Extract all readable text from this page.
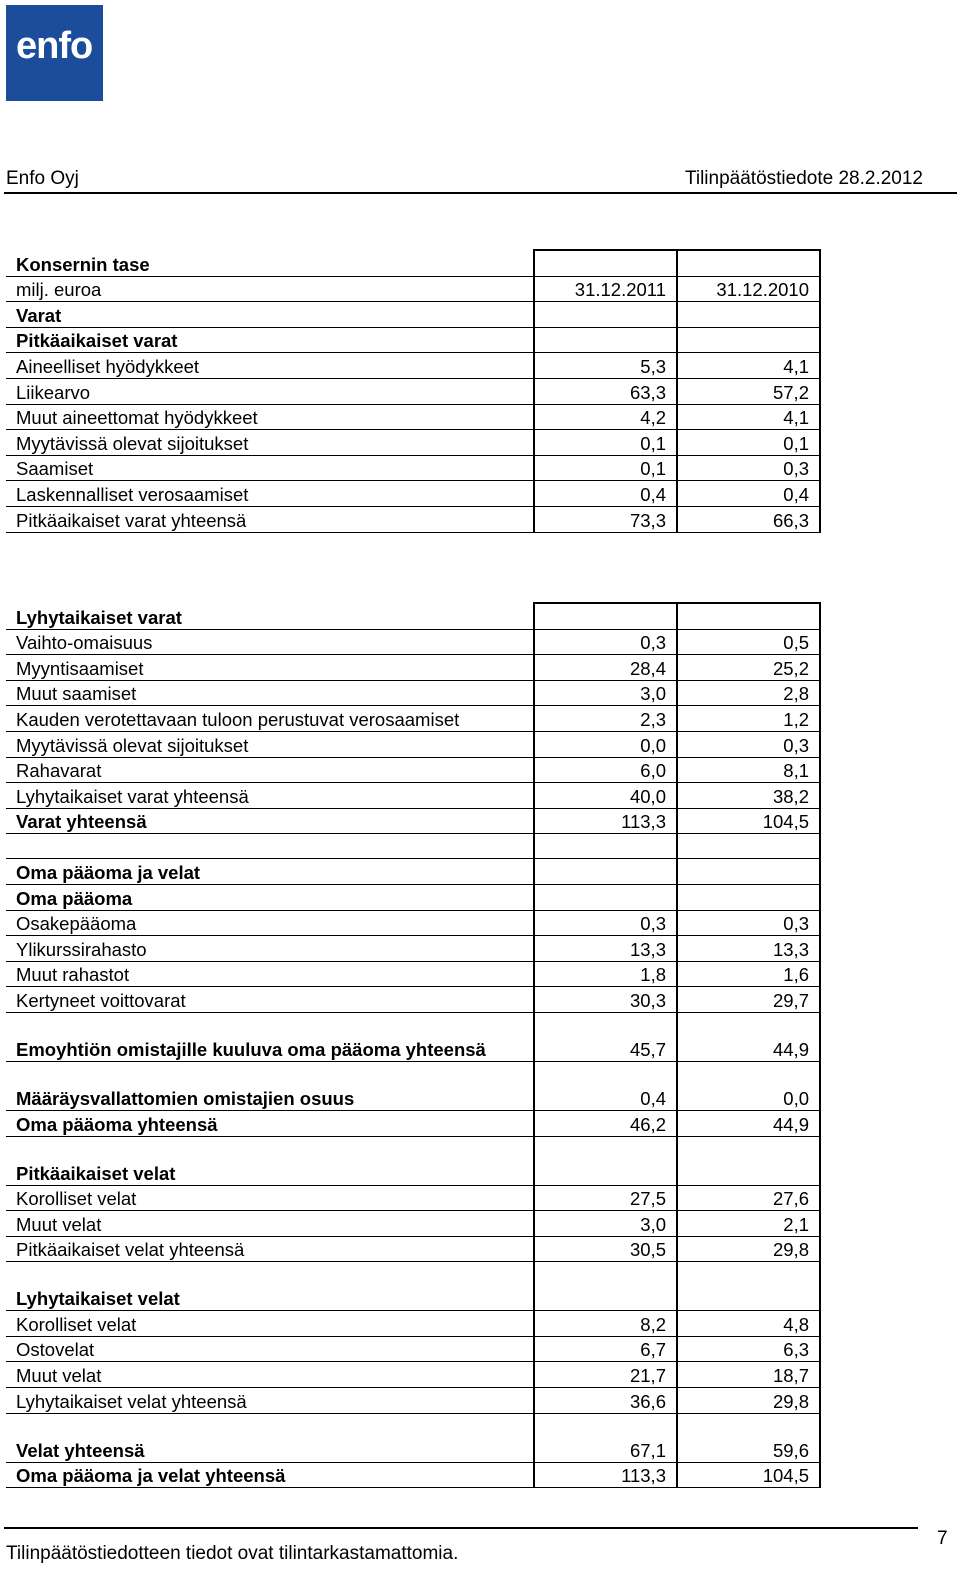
enfo
Enfo Oyj	Tilinpäätöstiedote 28.2.2012
Konsernin tase		
milj. euroa	31.12.2011	31.12.2010
Varat		
Pitkäaikaiset varat		
Aineelliset hyödykkeet	5,3	4,1
Liikearvo	63,3	57,2
Muut aineettomat hyödykkeet	4,2	4,1
Myytävissä olevat sijoitukset	0,1	0,1
Saamiset	0,1	0,3
Laskennalliset verosaamiset	0,4	0,4
Pitkäaikaiset varat yhteensä	73,3	66,3
Lyhytaikaiset varat		
Vaihto-omaisuus	0,3	0,5
Myyntisaamiset	28,4	25,2
Muut saamiset	3,0	2,8
Kauden verotettavaan tuloon perustuvat verosaamiset	2,3	1,2
Myytävissä olevat sijoitukset	0,0	0,3
Rahavarat	6,0	8,1
Lyhytaikaiset varat yhteensä	40,0	38,2
Varat yhteensä	113,3	104,5

Oma pääoma ja velat		
Oma pääoma		
Osakepääoma	0,3	0,3
Ylikurssirahasto	13,3	13,3
Muut rahastot	1,8	1,6
Kertyneet voittovarat	30,3	29,7
Emoyhtiön omistajille kuuluva oma pääoma yhteensä	45,7	44,9
Määräysvallattomien omistajien osuus	0,4	0,0
Oma pääoma yhteensä	46,2	44,9
Pitkäaikaiset velat		
Korolliset velat	27,5	27,6
Muut velat	3,0	2,1
Pitkäaikaiset velat yhteensä	30,5	29,8
Lyhytaikaiset velat		
Korolliset velat	8,2	4,8
Ostovelat	6,7	6,3
Muut velat	21,7	18,7
Lyhytaikaiset velat yhteensä	36,6	29,8
Velat yhteensä	67,1	59,6
Oma pääoma ja velat yhteensä	113,3	104,5
Tilinpäätöstiedotteen tiedot ovat tilintarkastamattomia.
7
